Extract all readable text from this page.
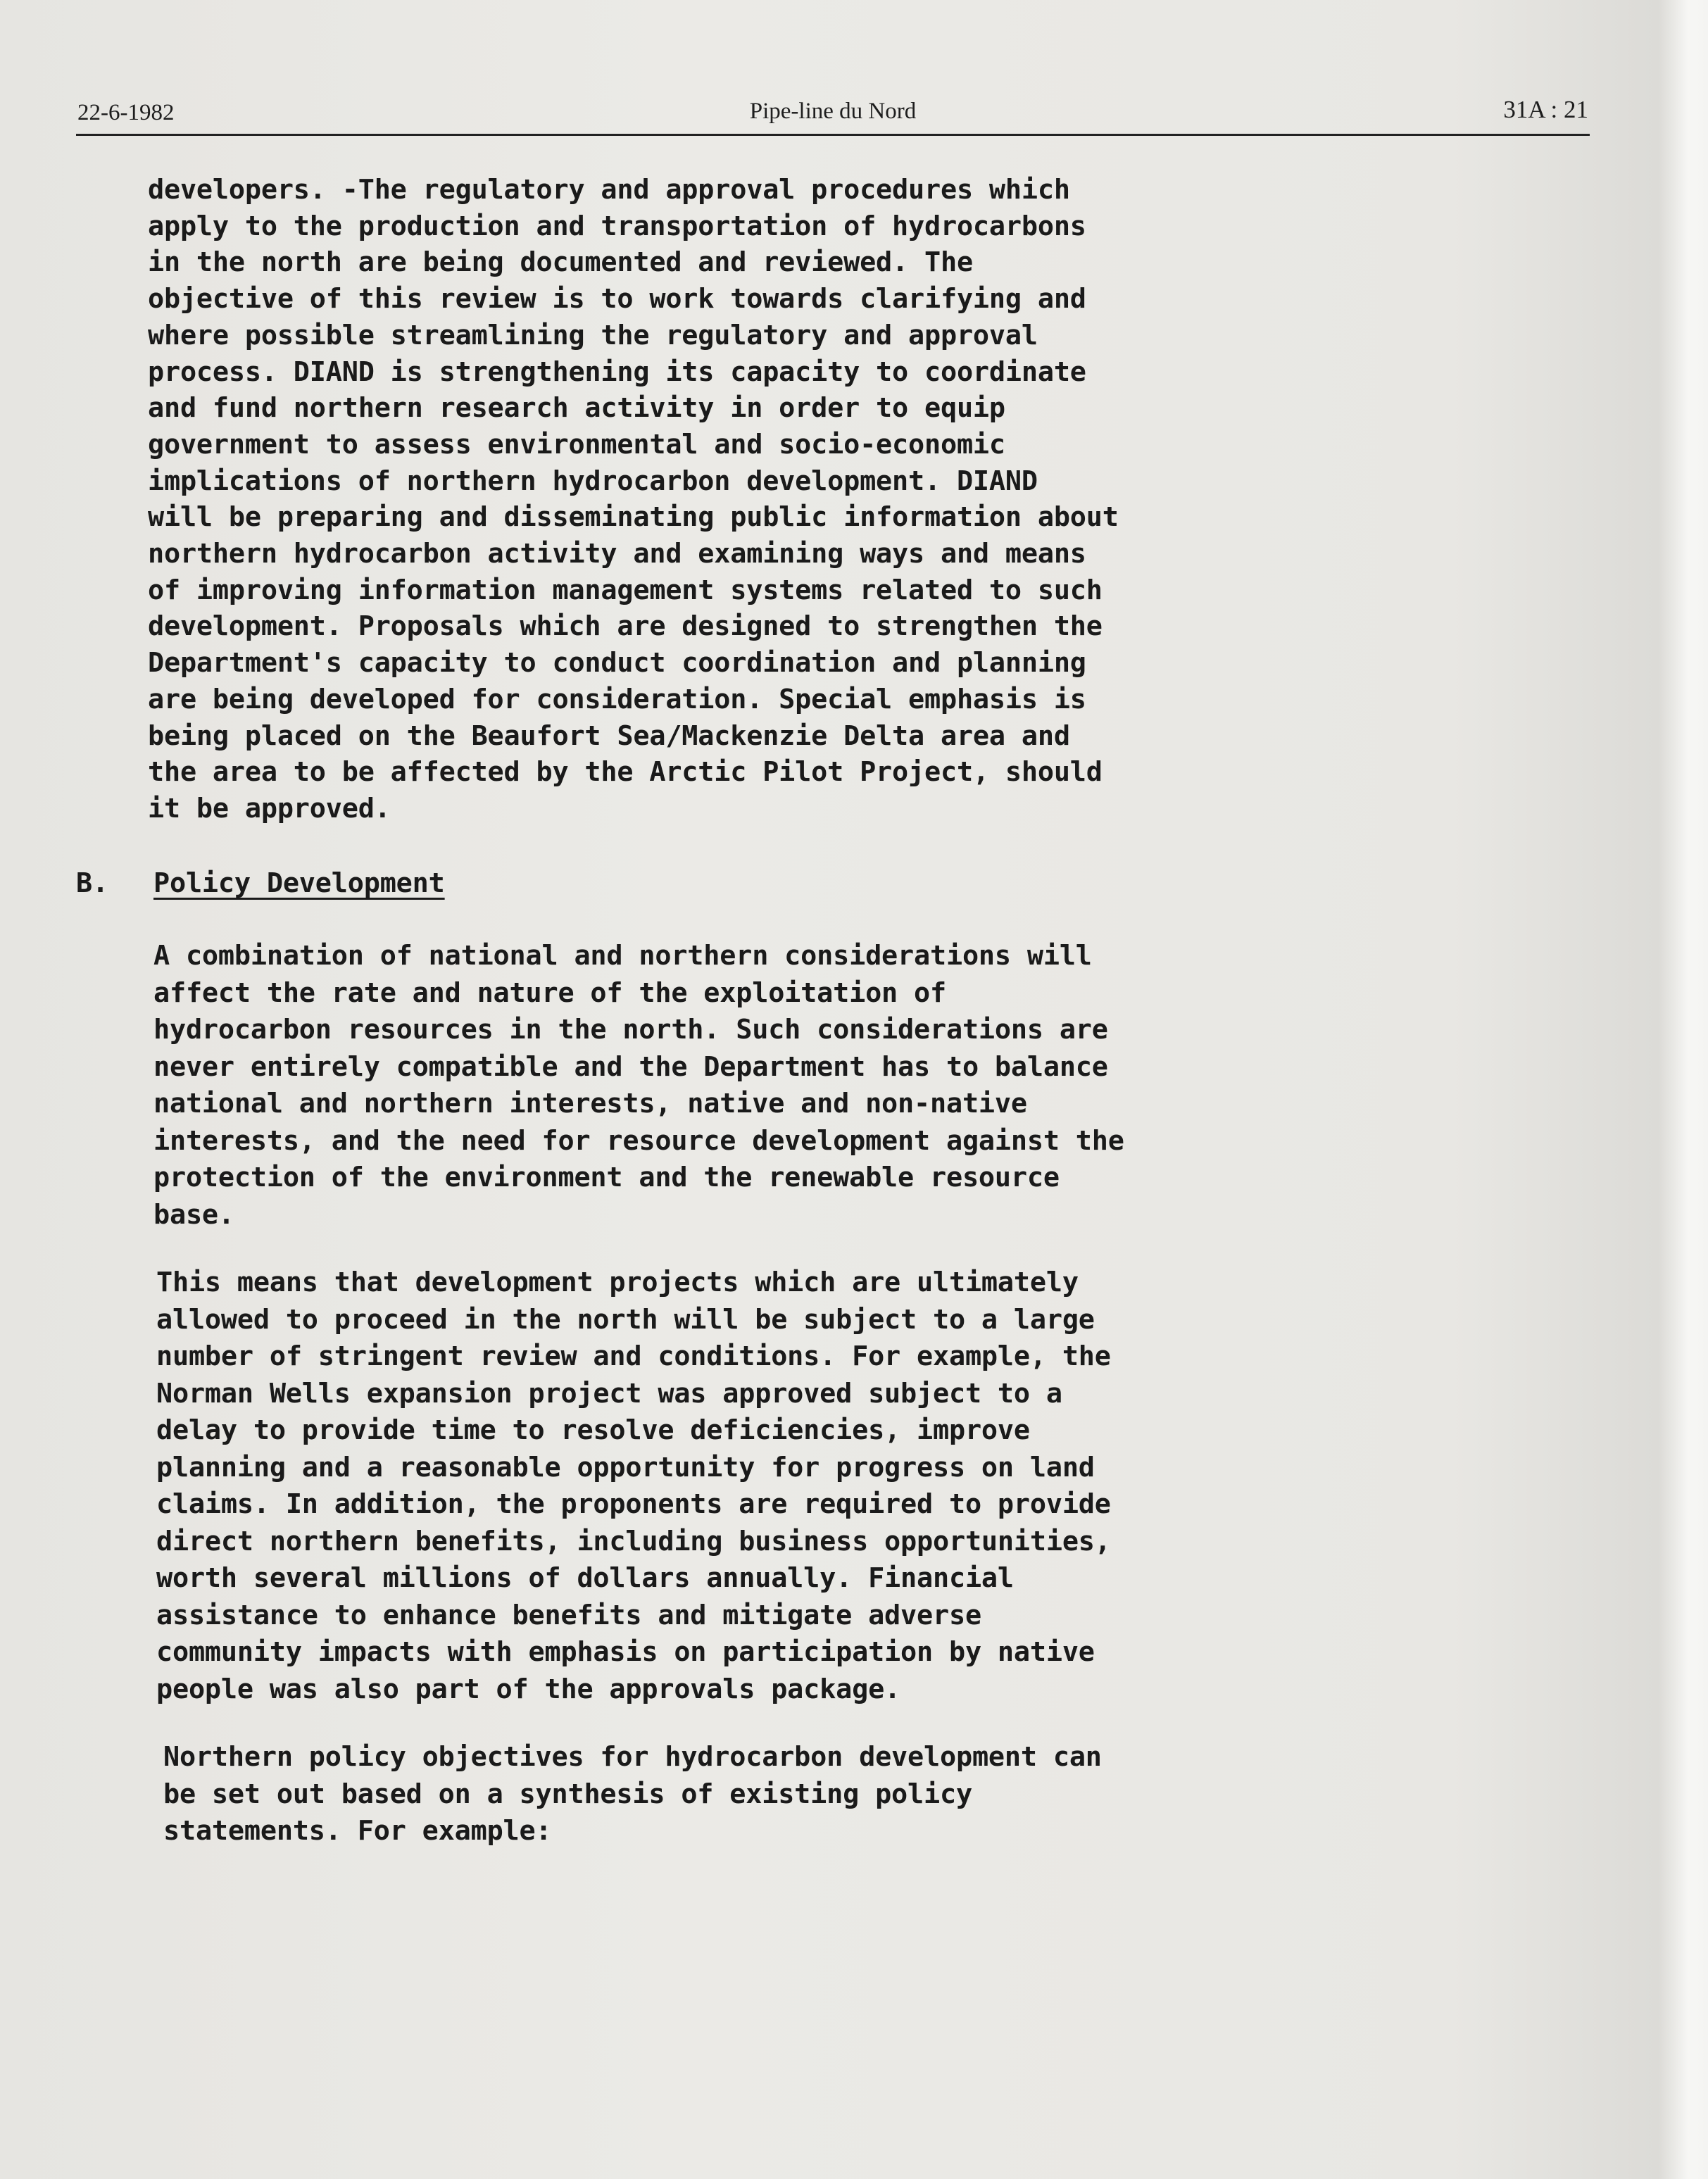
22-6-1982	Pipe-line du Nord	31A : 21
developers. -The regulatory and approval procedures which
apply to the production and transportation of hydrocarbons
in the north are being documented and reviewed. The
objective of this review is to work towards clarifying and
where possible streamlining the regulatory and approval
process. DIAND is strengthening its capacity to coordinate
and fund northern research activity in order to equip
government to assess environmental and socio-economic
implications of northern hydrocarbon development. DIAND
will be preparing and disseminating public information about
northern hydrocarbon activity and examining ways and means
of improving information management systems related to such
development. Proposals which are designed to strengthen the
Department's capacity to conduct coordination and planning
are being developed for consideration. Special emphasis is
being placed on the Beaufort Sea/Mackenzie Delta area and
the area to be affected by the Arctic Pilot Project, should
it be approved.
B. Policy Development
A combination of national and northern considerations will
affect the rate and nature of the exploitation of
hydrocarbon resources in the north. Such considerations are
never entirely compatible and the Department has to balance
national and northern interests, native and non-native
interests, and the need for resource development against the
protection of the environment and the renewable resource
base.
This means that development projects which are ultimately
allowed to proceed in the north will be subject to a large
number of stringent review and conditions. For example, the
Norman Wells expansion project was approved subject to a
delay to provide time to resolve deficiencies, improve
planning and a reasonable opportunity for progress on land
claims. In addition, the proponents are required to provide
direct northern benefits, including business opportunities,
worth several millions of dollars annually. Financial
assistance to enhance benefits and mitigate adverse
community impacts with emphasis on participation by native
people was also part of the approvals package.
Northern policy objectives for hydrocarbon development can
be set out based on a synthesis of existing policy
statements. For example:
